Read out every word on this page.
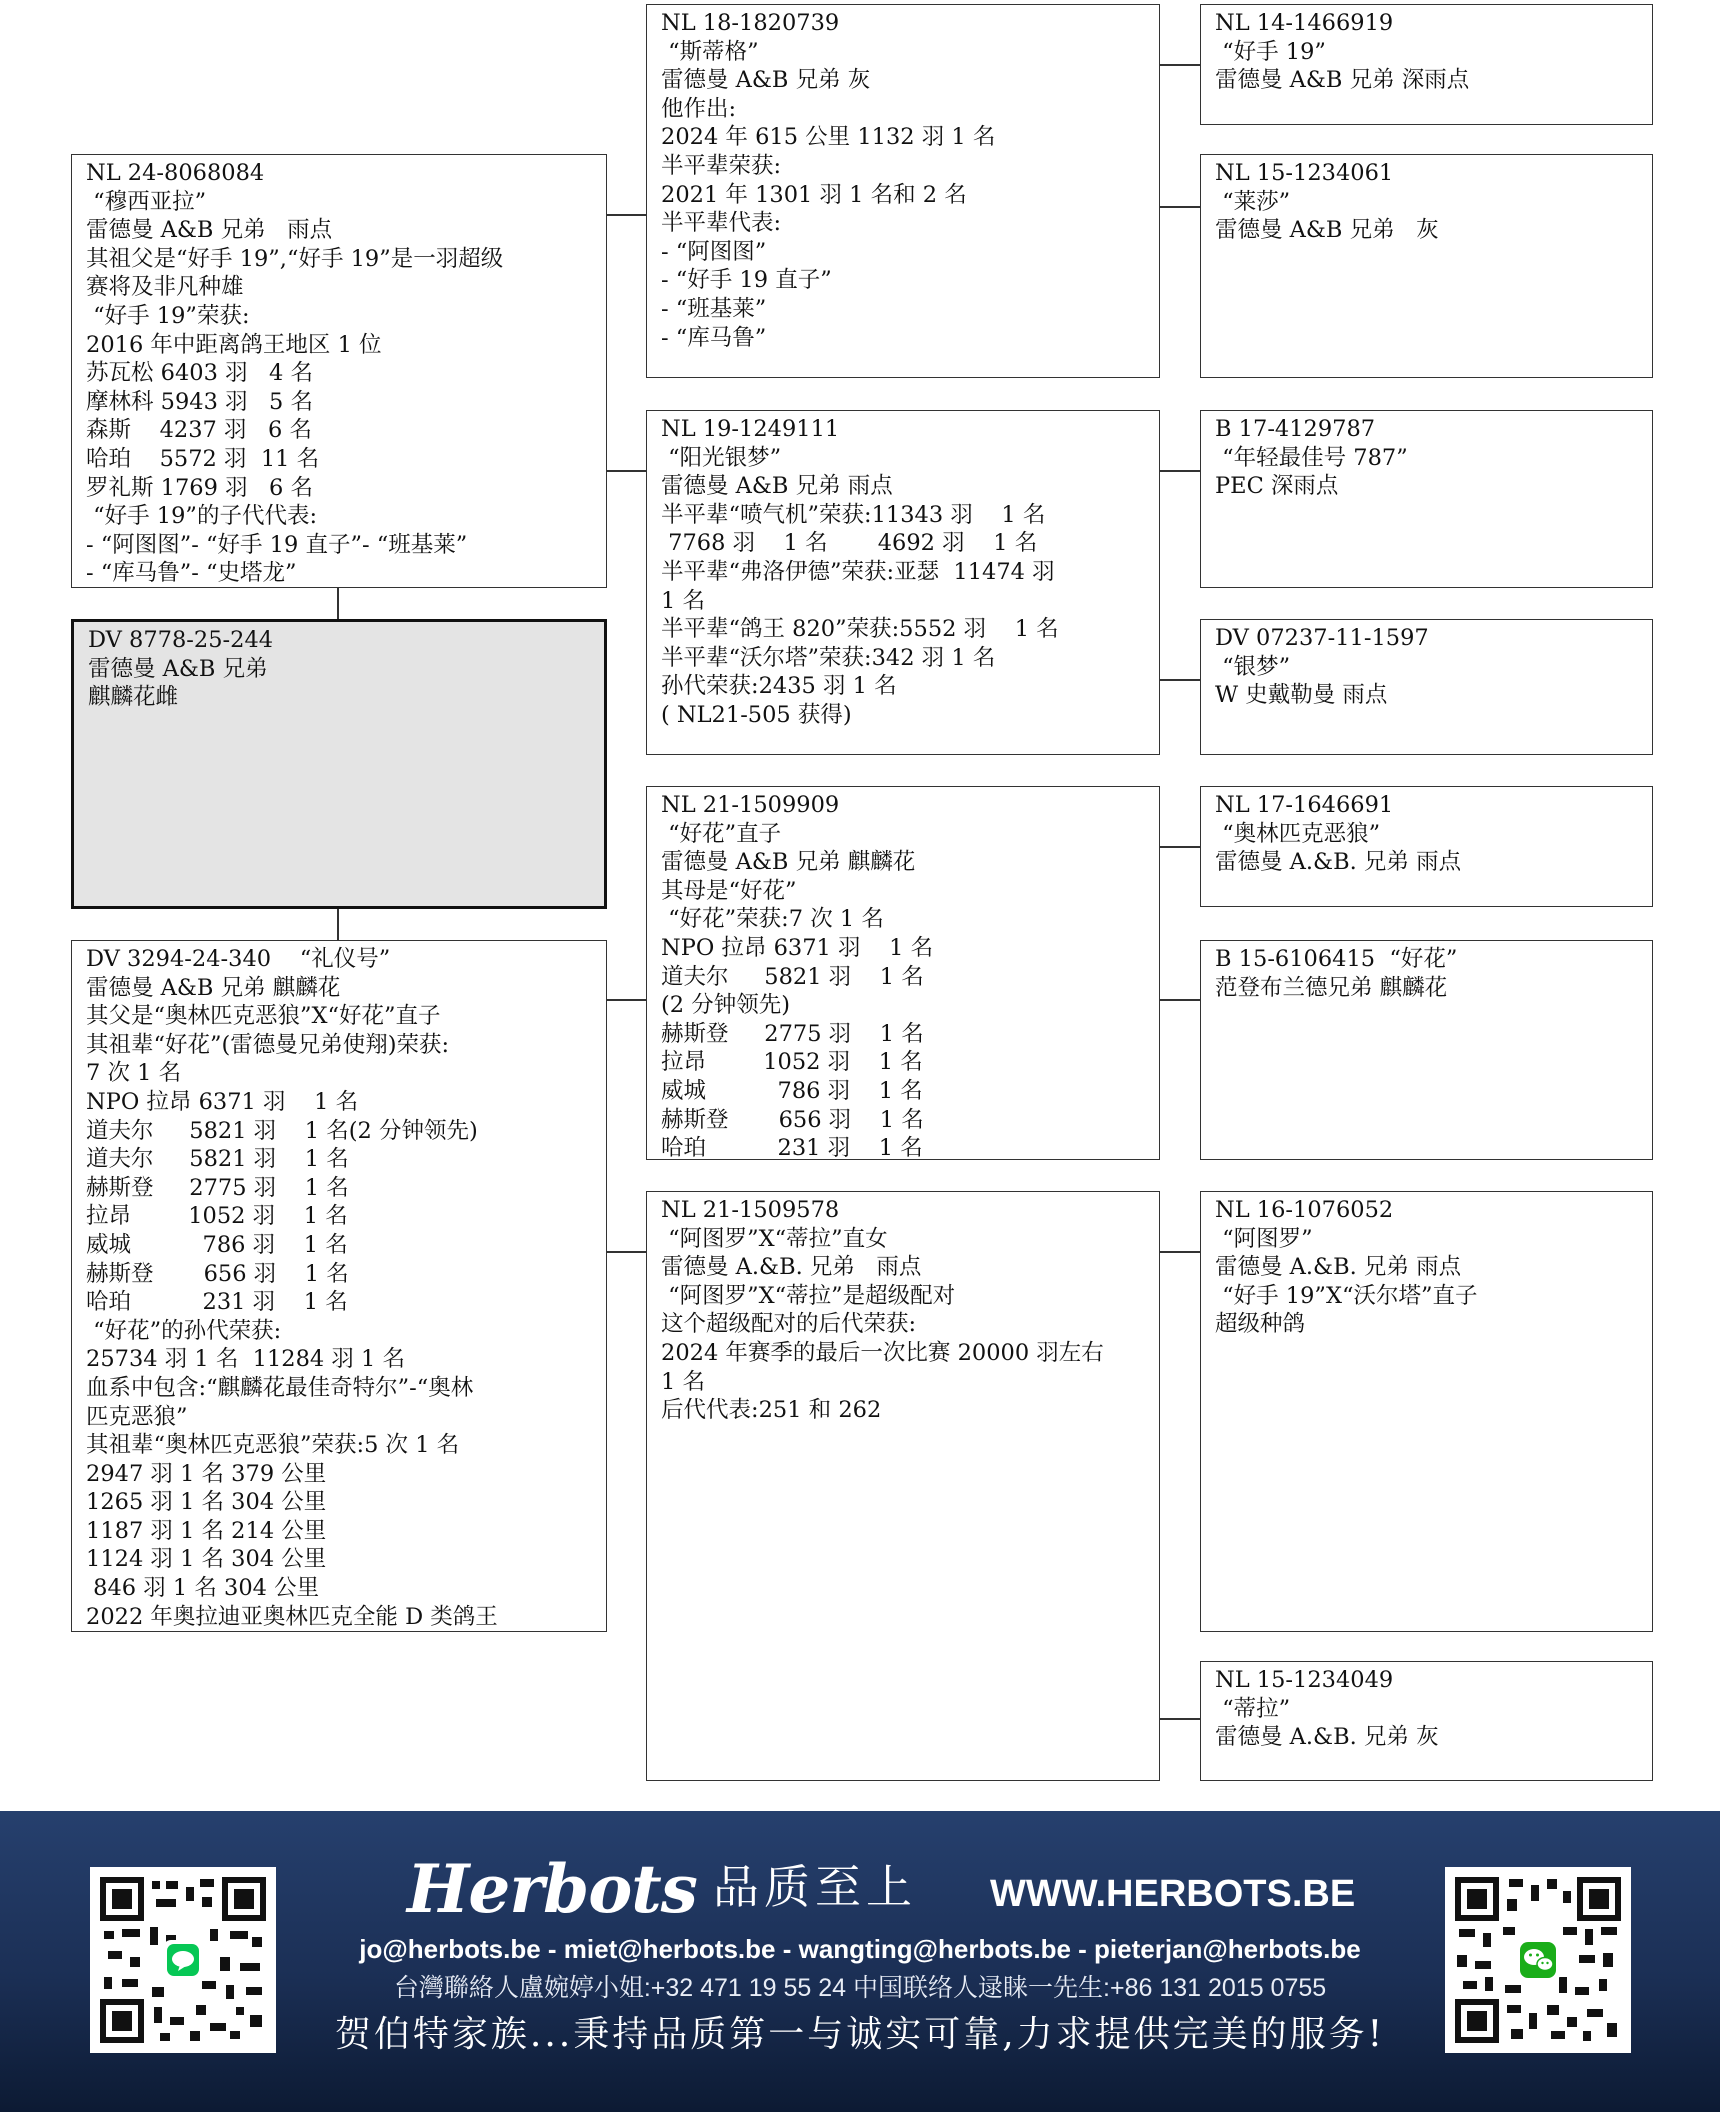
NL 24-8068084
“穆西亚拉”
雷德曼 A&B 兄弟   雨点
其祖父是“好手 19”,“好手 19”是一羽超级
赛将及非凡种雄
“好手 19”荣获:
2016 年中距离鸽王地区 1 位
苏瓦松 6403 羽   4 名
摩林科 5943 羽   5 名
森斯    4237 羽   6 名
哈珀    5572 羽  11 名
罗礼斯 1769 羽   6 名
“好手 19”的子代代表:
- “阿图图”- “好手 19 直子”- “班基莱”
- “库马鲁”- “史塔龙”
DV 8778-25-244
雷德曼 A&B 兄弟
麒麟花雌
DV 3294-24-340    “礼仪号”
雷德曼 A&B 兄弟 麒麟花
其父是“奥林匹克恶狼”X“好花”直子
其祖辈“好花”(雷德曼兄弟使翔)荣获:
7 次 1 名
NPO 拉昂 6371 羽    1 名
道夫尔     5821 羽    1 名(2 分钟领先)
道夫尔     5821 羽    1 名
赫斯登     2775 羽    1 名
拉昂        1052 羽    1 名
威城          786 羽    1 名
赫斯登       656 羽    1 名
哈珀          231 羽    1 名
“好花”的孙代荣获:
25734 羽 1 名  11284 羽 1 名
血系中包含:“麒麟花最佳奇特尔”-“奥林
匹克恶狼”
其祖辈“奥林匹克恶狼”荣获:5 次 1 名
2947 羽 1 名 379 公里
1265 羽 1 名 304 公里
1187 羽 1 名 214 公里
1124 羽 1 名 304 公里
846 羽 1 名 304 公里
2022 年奥拉迪亚奥林匹克全能 D 类鸽王
NL 18-1820739
“斯蒂格”
雷德曼 A&B 兄弟 灰
他作出:
2024 年 615 公里 1132 羽 1 名
半平辈荣获:
2021 年 1301 羽 1 名和 2 名
半平辈代表:
- “阿图图”
- “好手 19 直子”
- “班基莱”
- “库马鲁”
NL 19-1249111
“阳光银梦”
雷德曼 A&B 兄弟 雨点
半平辈“喷气机”荣获:11343 羽    1 名
7768 羽    1 名       4692 羽    1 名
半平辈“弗洛伊德”荣获:亚瑟  11474 羽
1 名
半平辈“鸽王 820”荣获:5552 羽    1 名
半平辈“沃尔塔”荣获:342 羽 1 名
孙代荣获:2435 羽 1 名
( NL21-505 获得)
NL 21-1509909
“好花”直子
雷德曼 A&B 兄弟 麒麟花
其母是“好花”
“好花”荣获:7 次 1 名
NPO 拉昂 6371 羽    1 名
道夫尔     5821 羽    1 名
(2 分钟领先)
赫斯登     2775 羽    1 名
拉昂        1052 羽    1 名
威城          786 羽    1 名
赫斯登       656 羽    1 名
哈珀          231 羽    1 名
NL 21-1509578
“阿图罗”X“蒂拉”直女
雷德曼 A.&B. 兄弟   雨点
“阿图罗”X“蒂拉”是超级配对
这个超级配对的后代荣获:
2024 年赛季的最后一次比赛 20000 羽左右
1 名
后代代表:251 和 262
NL 14-1466919
“好手 19”
雷德曼 A&B 兄弟 深雨点
NL 15-1234061
“莱莎”
雷德曼 A&B 兄弟   灰
B 17-4129787
“年轻最佳号 787”
PEC 深雨点
DV 07237-11-1597
“银梦”
W 史戴勒曼 雨点
NL 17-1646691
“奥林匹克恶狼”
雷德曼 A.&B. 兄弟 雨点
B 15-6106415  “好花”
范登布兰德兄弟 麒麟花
NL 16-1076052
“阿图罗”
雷德曼 A.&B. 兄弟 雨点
“好手 19”X“沃尔塔”直子
超级种鸽
NL 15-1234049
“蒂拉”
雷德曼 A.&B. 兄弟 灰
Herbots 品质至上 WWW.HERBOTS.BE
jo@herbots.be - miet@herbots.be - wangting@herbots.be - pieterjan@herbots.be
台灣聯絡人盧婉婷小姐:+32 471 19 55 24 中国联络人逯睐一先生:+86 131 2015 0755
贺伯特家族...秉持品质第一与诚实可靠,力求提供完美的服务!
